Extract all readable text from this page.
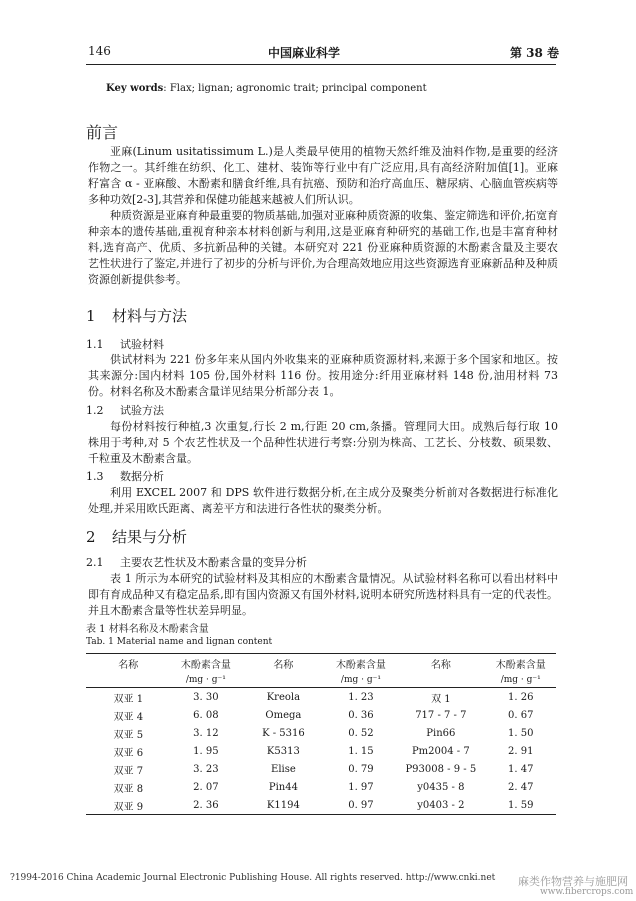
146	中国麻业科学	第 38 卷
Key words: Flax; lignan; agronomic trait; principal component
前言

亚麻(Linum usitatissimum L.)是人类最早使用的植物天然纤维及油料作物,是重要的经济作物之一。其纤维在纺织、化工、建材、装饰等行业中有广泛应用,具有高经济附加值[1]。亚麻籽富含 α - 亚麻酸、木酚素和膳食纤维,具有抗癌、预防和治疗高血压、糖尿病、心脑血管疾病等多种功效[2-3],其营养和保健功能越来越被人们所认识。

种质资源是亚麻育种最重要的物质基础,加强对亚麻种质资源的收集、鉴定筛选和评价,拓宽育种亲本的遗传基础,重视育种亲本材料创新与利用,这是亚麻育种研究的基础工作,也是丰富育种材料,选育高产、优质、多抗新品种的关键。本研究对 221 份亚麻种质资源的木酚素含量及主要农艺性状进行了鉴定,并进行了初步的分析与评价,为合理高效地应用这些资源选育亚麻新品种及种质资源创新提供参考。

1 材料与方法
1.1 试验材料

供试材料为 221 份多年来从国内外收集来的亚麻种质资源材料,来源于多个国家和地区。按其来源分:国内材料 105 份,国外材料 116 份。按用途分:纤用亚麻材料 148 份,油用材料 73 份。材料名称及木酚素含量详见结果分析部分表 1。

1.2 试验方法

每份材料按行种植,3 次重复,行长 2 m,行距 20 cm,条播。管理同大田。成熟后每行取 10 株用于考种,对 5 个农艺性状及一个品种性状进行考察:分别为株高、工艺长、分枝数、硕果数、千粒重及木酚素含量。

1.3 数据分析

利用 EXCEL 2007 和 DPS 软件进行数据分析,在主成分及聚类分析前对各数据进行标准化处理,并采用欧氏距离、离差平方和法进行各性状的聚类分析。

2 结果与分析
2.1 主要农艺性状及木酚素含量的变异分析

表 1 所示为本研究的试验材料及其相应的木酚素含量情况。从试验材料名称可以看出材料中即有育成品种又有稳定品系,即有国内资源又有国外材料,说明本研究所选材料具有一定的代表性。并且木酚素含量等性状差异明显。

表 1 材料名称及木酚素含量
Tab. 1 Material name and lignan content
名称	木酚素含量	名称	木酚素含量	名称	木酚素含量
	/mg · g⁻¹		/mg · g⁻¹		/mg · g⁻¹
双亚 1	3. 30	Kreola	1. 23	双 1	1. 26
双亚 4	6. 08	Omega	0. 36	717 - 7 - 7	0. 67
双亚 5	3. 12	K - 5316	0. 52	Pin66	1. 50
双亚 6	1. 95	K5313	1. 15	Pm2004 - 7	2. 91
双亚 7	3. 23	Elise	0. 79	P93008 - 9 - 5	1. 47
双亚 8	2. 07	Pin44	1. 97	y0435 - 8	2. 47
双亚 9	2. 36	K1194	0. 97	y0403 - 2	1. 59
?1994-2016 China Academic Journal Electronic Publishing House. All rights reserved. http://www.cnki.net 麻类作物营养与施肥网
www.fibercrops.com
